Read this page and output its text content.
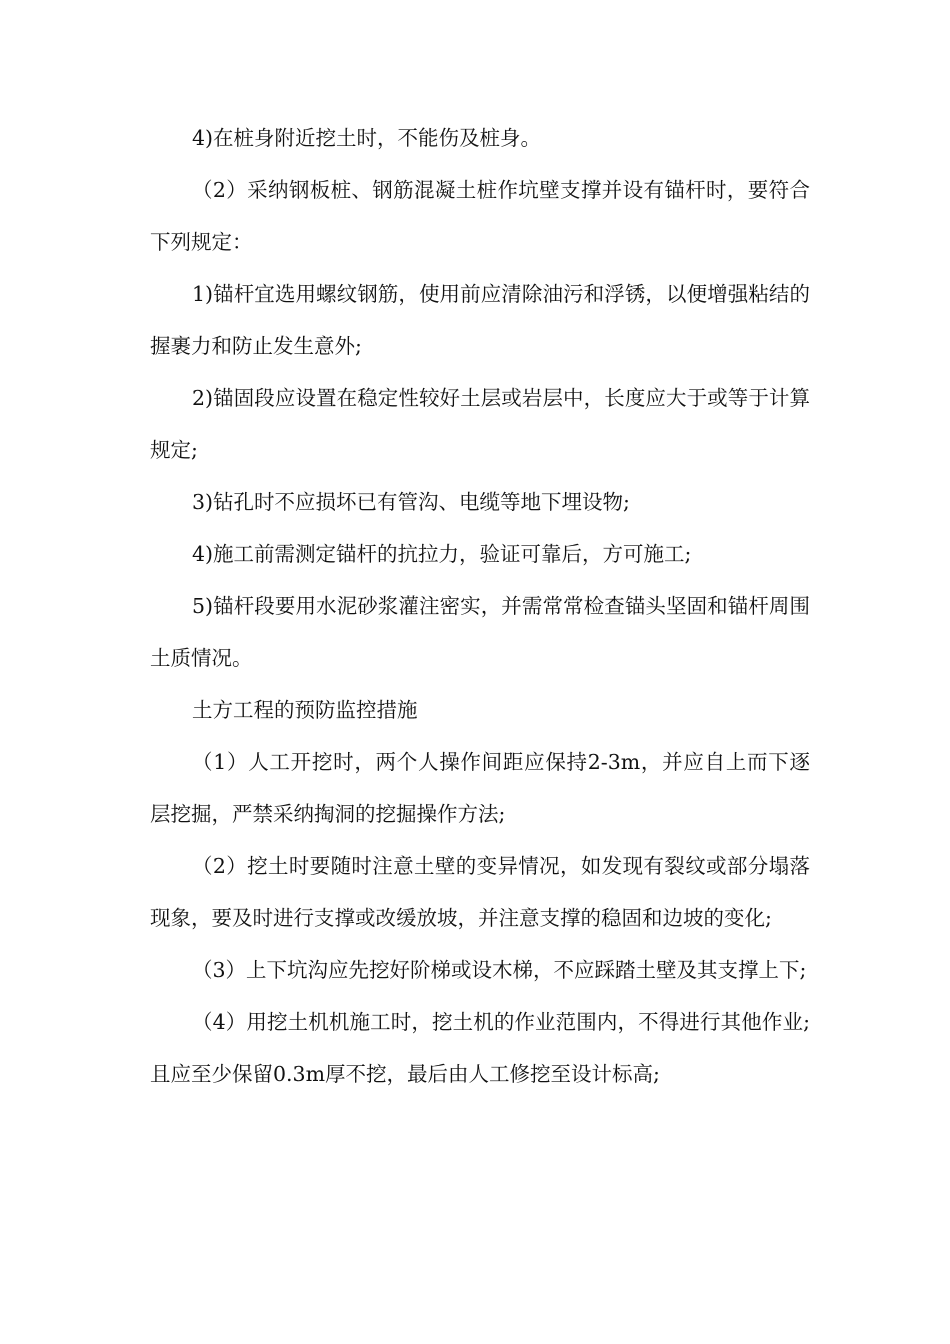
4)在桩身附近挖土时，不能伤及桩身。

（2）采纳钢板桩、钢筋混凝土桩作坑壁支撑并设有锚杆时，要符合下列规定：

1)锚杆宜选用螺纹钢筋，使用前应清除油污和浮锈，以便增强粘结的握裹力和防止发生意外;

2)锚固段应设置在稳定性较好土层或岩层中，长度应大于或等于计算规定;

3)钻孔时不应损坏已有管沟、电缆等地下埋设物;

4)施工前需测定锚杆的抗拉力，验证可靠后，方可施工;

5)锚杆段要用水泥砂浆灌注密实，并需常常检查锚头坚固和锚杆周围土质情况。

土方工程的预防监控措施

（1）人工开挖时，两个人操作间距应保持2-3m，并应自上而下逐层挖掘，严禁采纳掏洞的挖掘操作方法;

（2）挖土时要随时注意土壁的变异情况，如发现有裂纹或部分塌落现象，要及时进行支撑或改缓放坡，并注意支撑的稳固和边坡的变化;

（3）上下坑沟应先挖好阶梯或设木梯，不应踩踏土壁及其支撑上下;

（4）用挖土机机施工时，挖土机的作业范围内，不得进行其他作业;且应至少保留0.3m厚不挖，最后由人工修挖至设计标高;
